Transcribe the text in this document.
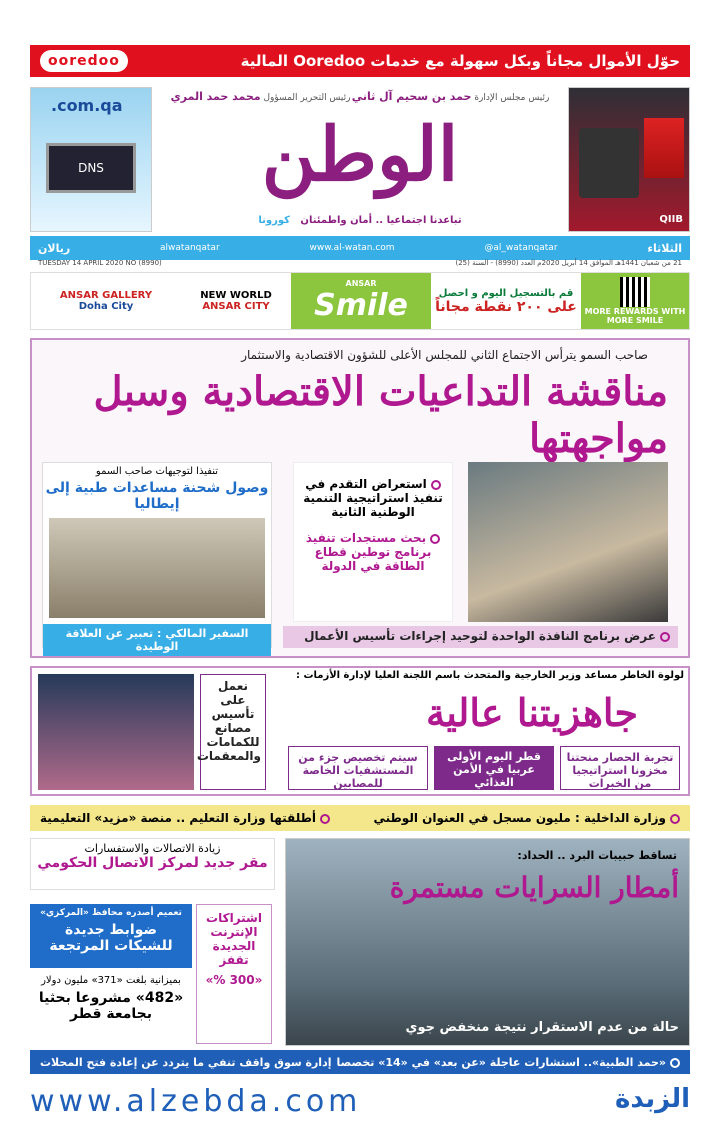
حوّل الأموال مجاناً وبكل سهولة مع خدمات Ooredoo المالية
ooredoo
QIIB
.com.qa
DNS
رئيس مجلس الإدارة حمد بن سحيم آل ثاني
رئيس التحرير المسؤول محمد حمد المري
الوطن
تباعدنا اجتماعيا .. أمان واطمئنان   كورونا
الثلاثاء
@al_watanqatar
www.al-watan.com
alwatanqatar
ريالان
TUESDAY 14 APRIL 2020 NO (8990)	21 من شعبان 1441هـ الموافق 14 أبريل 2020م العدد (8990) - السنة (25)
ANSAR GALLERY
Doha City
NEW WORLD
ANSAR CITY
ANSAR
Smile	قم بالتسجيل اليوم و احصل
على ٢٠٠ نقطة مجاناً MORE REWARDS WITH MORE SMILE
صاحب السمو يترأس الاجتماع الثاني للمجلس الأعلى للشؤون الاقتصادية والاستثمار
مناقشة التداعيات الاقتصادية وسبل مواجهتها
استعراض التقدم في تنفيذ استراتيجية التنمية الوطنية الثانية
بحث مستجدات تنفيذ برنامج توطين قطاع الطاقة في الدولة
تنفيذا لتوجيهات صاحب السمو
وصول شحنة مساعدات طبية إلى إيطاليا
السفير المالكي : تعبير عن العلاقة الوطيدة
عرض برنامج النافذة الواحدة لتوحيد إجراءات تأسيس الأعمال
لولوة الخاطر مساعد وزير الخارجية والمتحدث باسم اللجنة العليا لإدارة الأزمات :
جاهزيتنا عالية
تجربة الحصار منحتنا مخزونا استراتيجيا من الخبرات
قطر اليوم الأولى عربيا في الأمن الغذائي
سيتم تخصيص جزء من المستشفيات الخاصة للمصابين
نعمل على تأسيس مصانع للكمامات والمعقمات
وزارة الداخلية : مليون مسجل في العنوان الوطني
أطلقتها وزارة التعليم .. منصة «مزيد» التعليمية
تساقط حبيبات البرد .. الحداد:
أمطار السرايات مستمرة
حالة من عدم الاستقرار نتيجة منخفض جوي
زيادة الاتصالات والاستفسارات
مقر جديد لمركز الاتصال الحكومي
تعميم أصدره محافظ «المركزي»
ضوابط جديدة للشيكات المرتجعة
بميزانية بلغت «371» مليون دولار
«482» مشروعا بحثيا بجامعة قطر
اشتراكات الإنترنت الجديدة تقفز
«300 %»
«حمد الطبية».. استشارات عاجلة «عن بعد» في «14» تخصصا
إدارة سوق واقف تنفي ما يتردد عن إعادة فتح المحلات
www.alzebda.com	الزبدة
